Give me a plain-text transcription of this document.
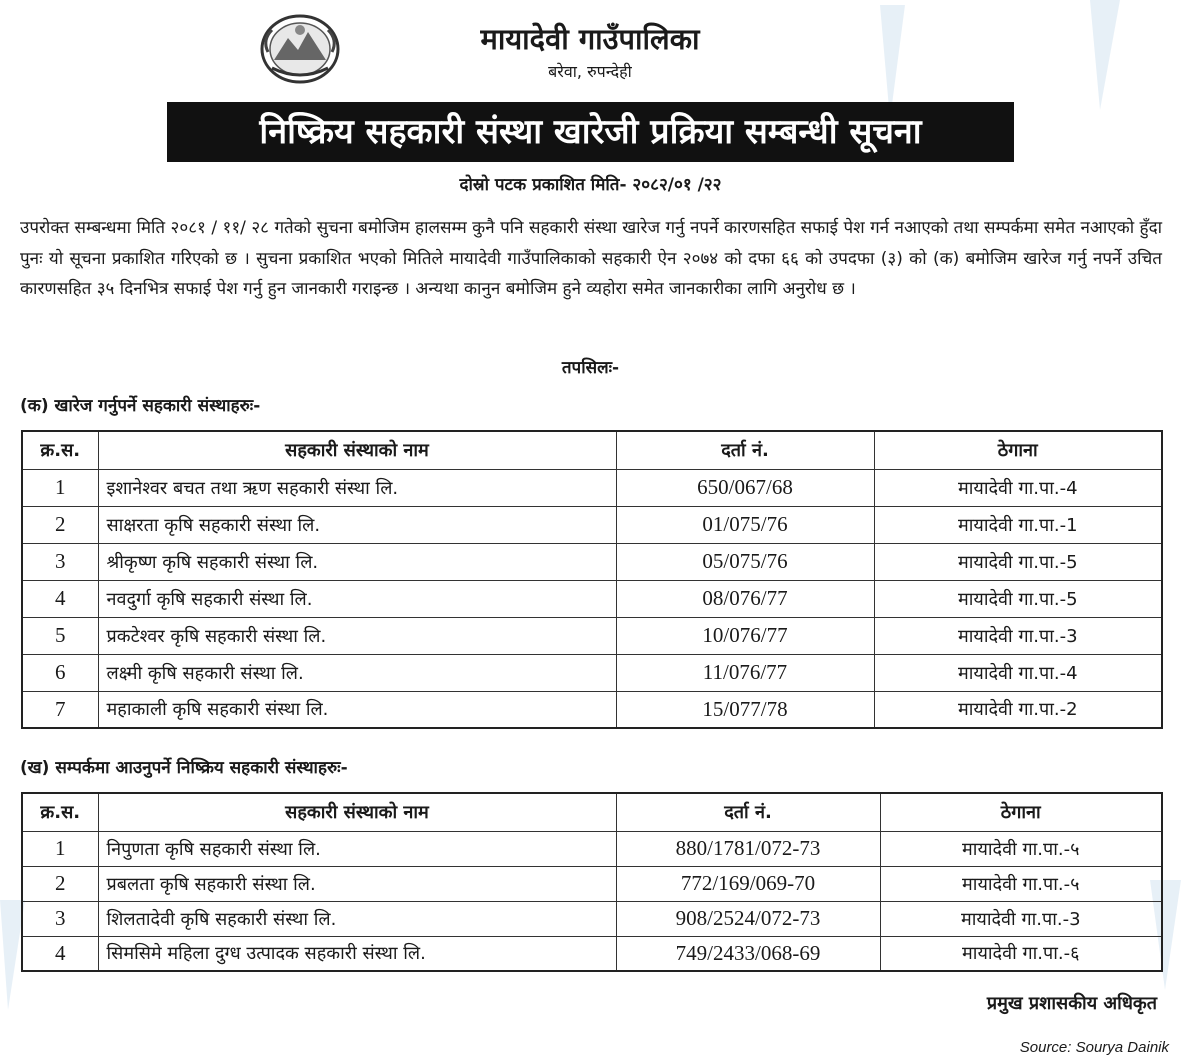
मायादेवी गाउँपालिका
बरेवा, रुपन्देही
निष्क्रिय सहकारी संस्था खारेजी प्रक्रिया सम्बन्धी सूचना
दोस्रो पटक प्रकाशित मिति- २०८२/०१ /२२
उपरोक्त सम्बन्धमा मिति २०८१ / ११/ २८ गतेको सुचना बमोजिम हालसम्म कुनै पनि सहकारी संस्था खारेज गर्नु नपर्ने कारणसहित सफाई पेश गर्न नआएको तथा सम्पर्कमा समेत नआएको हुँदा पुनः यो सूचना प्रकाशित गरिएको छ । सुचना प्रकाशित भएको मितिले मायादेवी गाउँपालिकाको सहकारी ऐन २०७४ को दफा ६६ को उपदफा (३) को (क) बमोजिम खारेज गर्नु नपर्ने उचित कारणसहित ३५ दिनभित्र सफाई पेश गर्नु हुन जानकारी गराइन्छ । अन्यथा कानुन बमोजिम हुने व्यहोरा समेत जानकारीका लागि अनुरोध छ ।
तपसिलः-
(क) खारेज गर्नुपर्ने सहकारी संस्थाहरुः-
क्र.स.	सहकारी संस्थाको नाम	दर्ता नं.	ठेगाना
1	इशानेश्वर बचत तथा ऋण सहकारी संस्था लि.	650/067/68	मायादेवी गा.पा.-4
2	साक्षरता कृषि सहकारी संस्था लि.	01/075/76	मायादेवी गा.पा.-1
3	श्रीकृष्ण कृषि सहकारी संस्था लि.	05/075/76	मायादेवी गा.पा.-5
4	नवदुर्गा कृषि सहकारी संस्था लि.	08/076/77	मायादेवी गा.पा.-5
5	प्रकटेश्वर कृषि सहकारी संस्था लि.	10/076/77	मायादेवी गा.पा.-3
6	लक्ष्मी कृषि सहकारी संस्था लि.	11/076/77	मायादेवी गा.पा.-4
7	महाकाली कृषि सहकारी संस्था लि.	15/077/78	मायादेवी गा.पा.-2
(ख) सम्पर्कमा आउनुपर्ने निष्क्रिय सहकारी संस्थाहरुः-
क्र.स.	सहकारी संस्थाको नाम	दर्ता नं.	ठेगाना
1	निपुणता कृषि सहकारी संस्था लि.	880/1781/072-73	मायादेवी गा.पा.-५
2	प्रबलता कृषि सहकारी संस्था लि.	772/169/069-70	मायादेवी गा.पा.-५
3	शिलतादेवी कृषि सहकारी संस्था लि.	908/2524/072-73	मायादेवी गा.पा.-3
4	सिमसिमे महिला दुग्ध उत्पादक सहकारी संस्था लि.	749/2433/068-69	मायादेवी गा.पा.-६
प्रमुख प्रशासकीय अधिकृत
Source: Sourya Dainik
